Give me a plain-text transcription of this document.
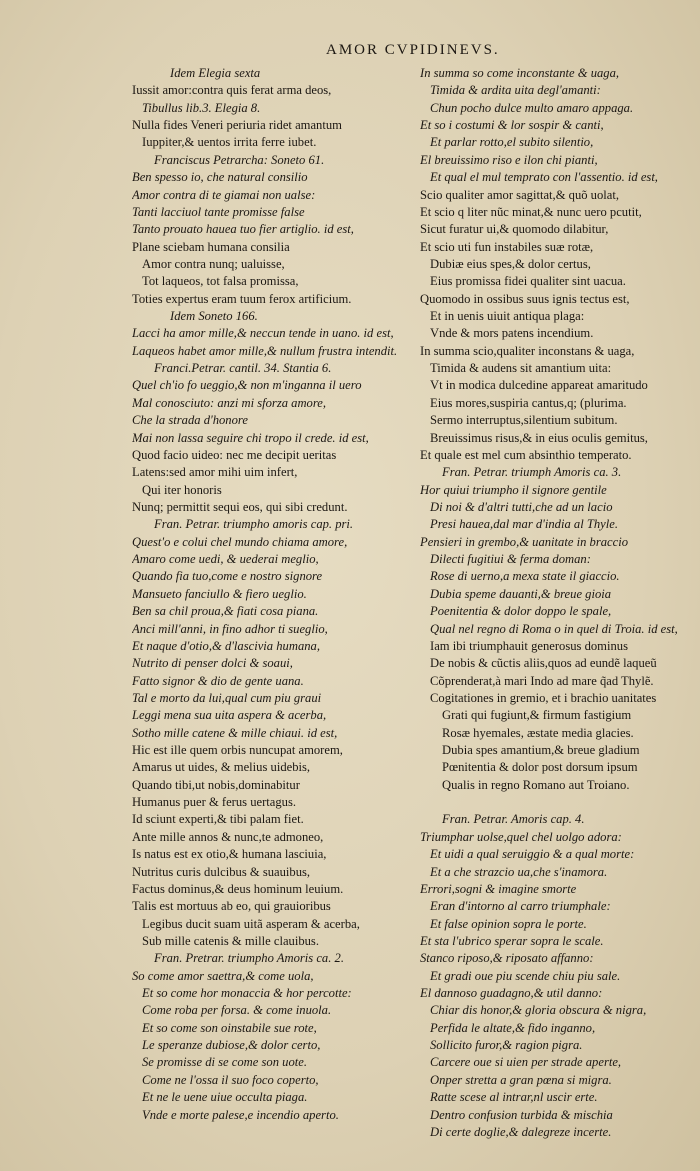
AMOR CVPIDINEVS.
Idem Elegia sexta
Iussit amor:contra quis ferat arma deos,
Tibullus lib.3. Elegia 8.
Nulla fides Veneri periuria ridet amantum
Iuppiter,& uentos irrita ferre iubet.
Franciscus Petrarcha: Soneto 61.
Ben spesso io, che natural consilio
Amor contra di te giamai non ualse:
Tanti lacciuol tante promisse false
Tanto prouato hauea tuo fier artiglio. id est,
Plane sciebam humana consilia
Amor contra nunq; ualuisse,
Tot laqueos, tot falsa promissa,
Toties expertus eram tuum ferox artificium.
Idem Soneto 166.
Lacci ha amor mille,& neccun tende in uano. id est,
Laqueos habet amor mille,& nullum frustra intendit.
Franci.Petrar. cantil. 34. Stantia 6.
Quel ch'io fo ueggio,& non m'inganna il uero
Mal conosciuto: anzi mi sforza amore,
Che la strada d'honore
Mai non lassa seguire chi tropo il crede. id est,
Quod facio uideo: nec me decipit ueritas
Latens:sed amor mihi uim infert,
Qui iter honoris
Nunq; permittit sequi eos, qui sibi credunt.
Fran. Petrar. triumpho amoris cap. pri.
Quest'o e colui chel mundo chiama amore,
Amaro come uedi, & uederai meglio,
Quando fia tuo,come e nostro signore
Mansueto fanciullo & fiero ueglio.
Ben sa chil proua,& fiati cosa piana.
Anci mill'anni, in fino adhor ti sueglio,
Et naque d'otio,& d'lascivia humana,
Nutrito di penser dolci & soaui,
Fatto signor & dio de gente uana.
Tal e morto da lui,qual cum piu graui
Leggi mena sua uita aspera & acerba,
Sotho mille catene & mille chiaui. id est,
Hic est ille quem orbis nuncupat amorem,
Amarus ut uides, & melius uidebis,
Quando tibi,ut nobis,dominabitur
Humanus puer & ferus uertagus.
Id sciunt experti,& tibi palam fiet.
Ante mille annos & nunc,te admoneo,
Is natus est ex otio,& humana lasciuia,
Nutritus curis dulcibus & suauibus,
Factus dominus,& deus hominum leuium.
Talis est mortuus ab eo, qui grauioribus
Legibus ducit suam uitã asperam & acerba,
Sub mille catenis & mille clauibus.
Fran. Pretrar. triumpho Amoris ca. 2.
So come amor saettra,& come uola,
Et so come hor monaccia & hor percotte:
Come roba per forsa. & come inuola.
Et so come son oinstabile sue rote,
Le speranze dubiose,& dolor certo,
Se promisse di se come son uote.
Come ne l'ossa il suo foco coperto,
Et ne le uene uiue occulta piaga.
Vnde e morte palese,e incendio aperto.
In summa so come inconstante & uaga,
Timida & ardita uita degl'amanti:
Chun pocho dulce multo amaro appaga.
Et so i costumi & lor sospir & canti,
Et parlar rotto,el subito silentio,
El breuissimo riso e ilon chi pianti,
Et qual el mul temprato con l'assentio. id est,
Scio qualiter amor sagittat,& quõ uolat,
Et scio q liter nũc minat,& nunc uero pcutit,
Sicut furatur ui,& quomodo dilabitur,
Et scio uti fun instabiles suæ rotæ,
Dubiæ eius spes,& dolor certus,
Eius promissa fidei qualiter sint uacua.
Quomodo in ossibus suus ignis tectus est,
Et in uenis uiuit antiqua plaga:
Vnde & mors patens incendium.
In summa scio,qualiter inconstans & uaga,
Timida & audens sit amantium uita:
Vt in modica dulcedine appareat amaritudo
Eius mores,suspiria cantus,q; (plurima.
Sermo interruptus,silentium subitum.
Breuissimus risus,& in eius oculis gemitus,
Et quale est mel cum absinthio temperato.
Fran. Petrar. triumph Amoris ca. 3.
Hor quiui triumpho il signore gentile
Di noi & d'altri tutti,che ad un lacio
Presi hauea,dal mar d'india al Thyle.
Pensieri in grembo,& uanitate in braccio
Dilecti fugitiui & ferma doman:
Rose di uerno,a mexa state il giaccio.
Dubia speme dauanti,& breue gioia
Poenitentia & dolor doppo le spale,
Qual nel regno di Roma o in quel di Troia. id est,
Iam ibi triumphauit generosus dominus
De nobis & cũctis aliis,quos ad eundẽ laqueũ
Cõprenderat,à mari Indo ad mare q̃ad Thylẽ.
Cogitationes in gremio, et i brachio uanitates
Grati qui fugiunt,& firmum fastigium
Rosæ hyemales, æstate media glacies.
Dubia spes amantium,& breue gladium
Pœnitentia & dolor post dorsum ipsum
Qualis in regno Romano aut Troiano.
Fran. Petrar. Amoris cap. 4.
Triumphar uolse,quel chel uolgo adora:
Et uidi a qual seruiggio & a qual morte:
Et a che strazcio ua,che s'inamora.
Errori,sogni & imagine smorte
Eran d'intorno al carro triumphale:
Et false opinion sopra le porte.
Et sta l'ubrico sperar sopra le scale.
Stanco riposo,& riposato affanno:
Et gradi oue piu scende chiu piu sale.
El dannoso guadagno,& util danno:
Chiar dis honor,& gloria obscura & nigra,
Perfida le altate,& fido inganno,
Sollicito furor,& ragion pigra.
Carcere oue si uien per strade aperte,
Onper stretta a gran pœna si migra.
Ratte scese al intrar,nl uscir erte.
Dentro confusion turbida & mischia
Di certe doglie,& dalegreze incerte.
